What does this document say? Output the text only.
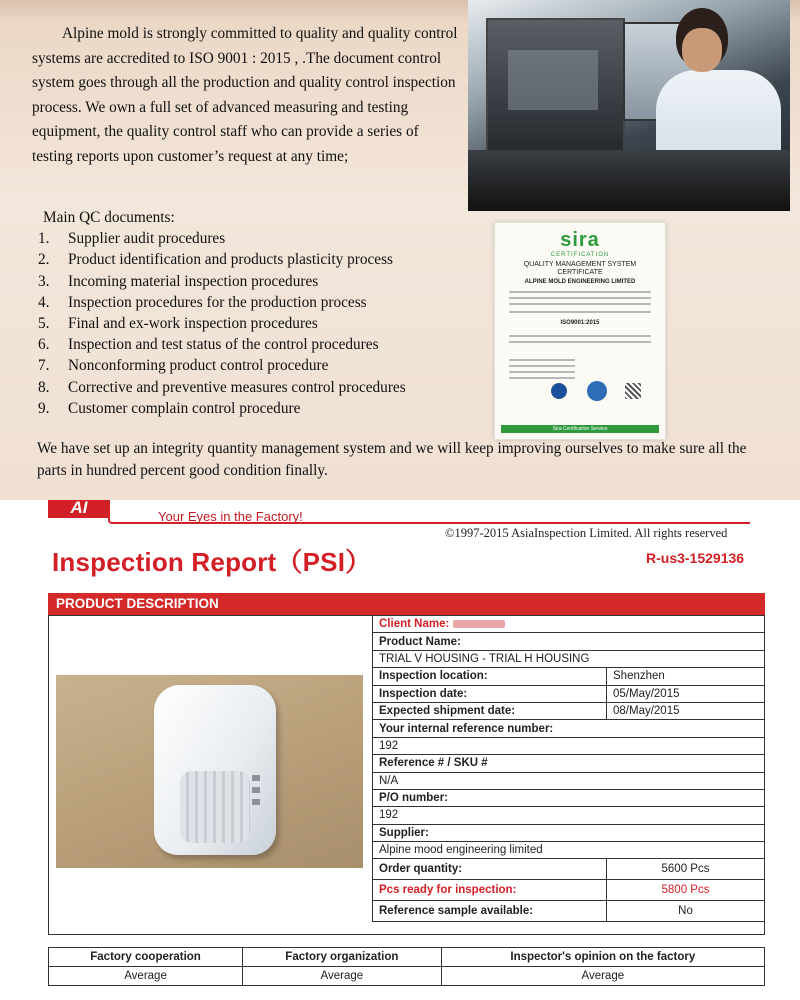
Alpine mold is strongly committed to quality and quality control systems are accredited to ISO 9001 : 2015 , .The document control system goes through all the production and quality control inspection process. We own a full set of advanced measuring and testing equipment, the quality control staff who can provide a series of testing reports upon customer’s request at any time;
Main QC documents:
1.	Supplier audit procedures
2.	Product identification and products plasticity process
3.	Incoming material inspection procedures
4.	Inspection procedures for the production process
5.	Final and ex-work inspection procedures
6.	Inspection and test status of the control procedures
7.	Nonconforming product control procedure
8.	Corrective and preventive measures control procedures
9.	Customer complain control procedure
sira
CERTIFICATION
QUALITY MANAGEMENT SYSTEM
CERTIFICATE
ALPINE MOLD ENGINEERING LIMITED
ISO9001:2015
Sira Certification Service
We have set up an integrity quantity management system and we will keep improving ourselves to make sure all the parts in hundred percent good condition finally.
AI	Your Eyes in the Factory!
©1997-2015 AsiaInspection Limited. All rights reserved
Inspection Report（PSI）	R-us3-1529136
PRODUCT DESCRIPTION
Client Name:	
Product Name:	
TRIAL V HOUSING - TRIAL H HOUSING	
Inspection location:	Shenzhen
Inspection date:	05/May/2015
Expected shipment date:	08/May/2015
Your internal reference number:	
192	
Reference # / SKU #	
N/A	
P/O number:	
192	
Supplier:	
Alpine mood engineering limited	
Order quantity:	5600 Pcs
Pcs ready for inspection:	5800 Pcs
Reference sample available:	No
Factory cooperation	Factory organization	Inspector's opinion on the factory
Average	Average	Average
